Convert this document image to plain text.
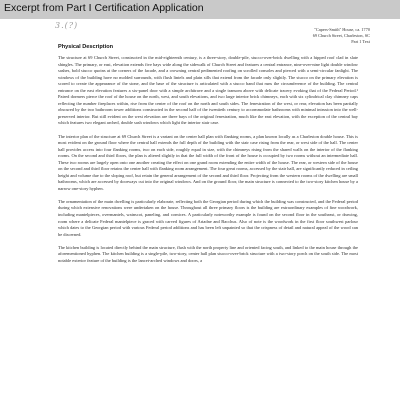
Excerpt from Part I Certification Application
3.(?)	"Capers-Smith" House, ca. 1770
69 Church Street, Charleston, SC
Part 1 Text
Physical Description

The structure at 69 Church Street, constructed in the mid-eighteenth century, is a three-story, double-pile, stucco-over-brick dwelling with a hipped roof clad in slate shingles. The primary, or east, elevation extends five bays wide along the sidewalk of Church Street and features a central entrance, nine-over-nine light double window sashes, bold stucco quoins at the corners of the facade, and a crowning central pedimented roofing on scrolled consoles and pierced with a semi-circular fanlight. The windows of the building have no molded surrounds, with flush lintels and plain sills that extend from the facade only slightly. The stucco on the primary elevation is scored to create the appearance of the stone, and the base of the structure is articulated with a stucco band that runs the circumference of the building. The central entrance on the east elevation features a six-panel door with a simple architrave and a single transom above with delicate tracery evoking that of the Federal Period.¹ Paired dormers pierce the roof of the house on the north, west, and south elevations, and two large interior brick chimneys, each with six cylindrical clay chimney caps reflecting the number fireplaces within, rise from the center of the roof on the north and south sides. The fenestration of the west, or rear, elevation has been partially obscured by the two bathroom tower additions constructed in the second half of the twentieth century to accommodate bathrooms with minimal intrusion into the well-preserved interior. But still evident on the west elevation are three bays of the original fenestration, much like the east elevation, with the exception of the central bay which features two elegant arched, double sash windows which light the interior stair case.

The interior plan of the structure at 69 Church Street is a variant on the center hall plan with flanking rooms, a plan known locally as a Charleston double house. This is most evident on the ground floor where the central hall extends the full depth of the building with the stair case rising from the rear, or west side of the hall. The center hall provides access into four flanking rooms, two on each side, roughly equal in size, with the chimneys rising from the shared walls on the interior of the flanking rooms. On the second and third floors, the plan is altered slightly in that the full width of the front of the house is occupied by two rooms without an intermediate hall. These two rooms are largely open onto one another creating the effect on one grand room extending the entire width of the house. The rear, or western side of the house on the second and third floor retains the center hall with flanking room arrangement. The four great rooms, accessed by the stair hall, are significantly reduced in ceiling height and volume due to the sloping roof, but retain the general arrangement of the second and third floor. Projecting from the western rooms of the dwelling are small bathrooms, which are accessed by doorways cut into the original windows. And on the ground floor, the main structure is connected to the two-story kitchen house by a narrow one-story hyphen.

The ornamentation of the main dwelling is particularly elaborate, reflecting both the Georgian period during which the building was constructed, and the Federal period during which extensive renovations were undertaken on the house. Throughout all three primary floors is the building are extraordinary examples of fine woodwork, including mantelpieces, overmantels, wainscot, paneling, and cornices. A particularly noteworthy example is found on the second floor in the southeast, or drawing, room where a delicate Federal mantelpiece is graced with carved figures of Ariadne and Bacchus. Also of note is the woodwork in the first floor southwest parlour which dates to the Georgian period with various Federal period additions and has been left unpainted so that the crispness of detail and natural appeal of the wood can be discerned.

The kitchen building is located directly behind the main structure, flush with the north property line and oriented facing south, and linked to the main house through the aforementioned hyphen. The kitchen building is a single-pile, two-story, center hall plan stucco-over-brick structure with a two-story porch on the south side. The most notable exterior feature of the building is the lancet-arched windows and doors, a
